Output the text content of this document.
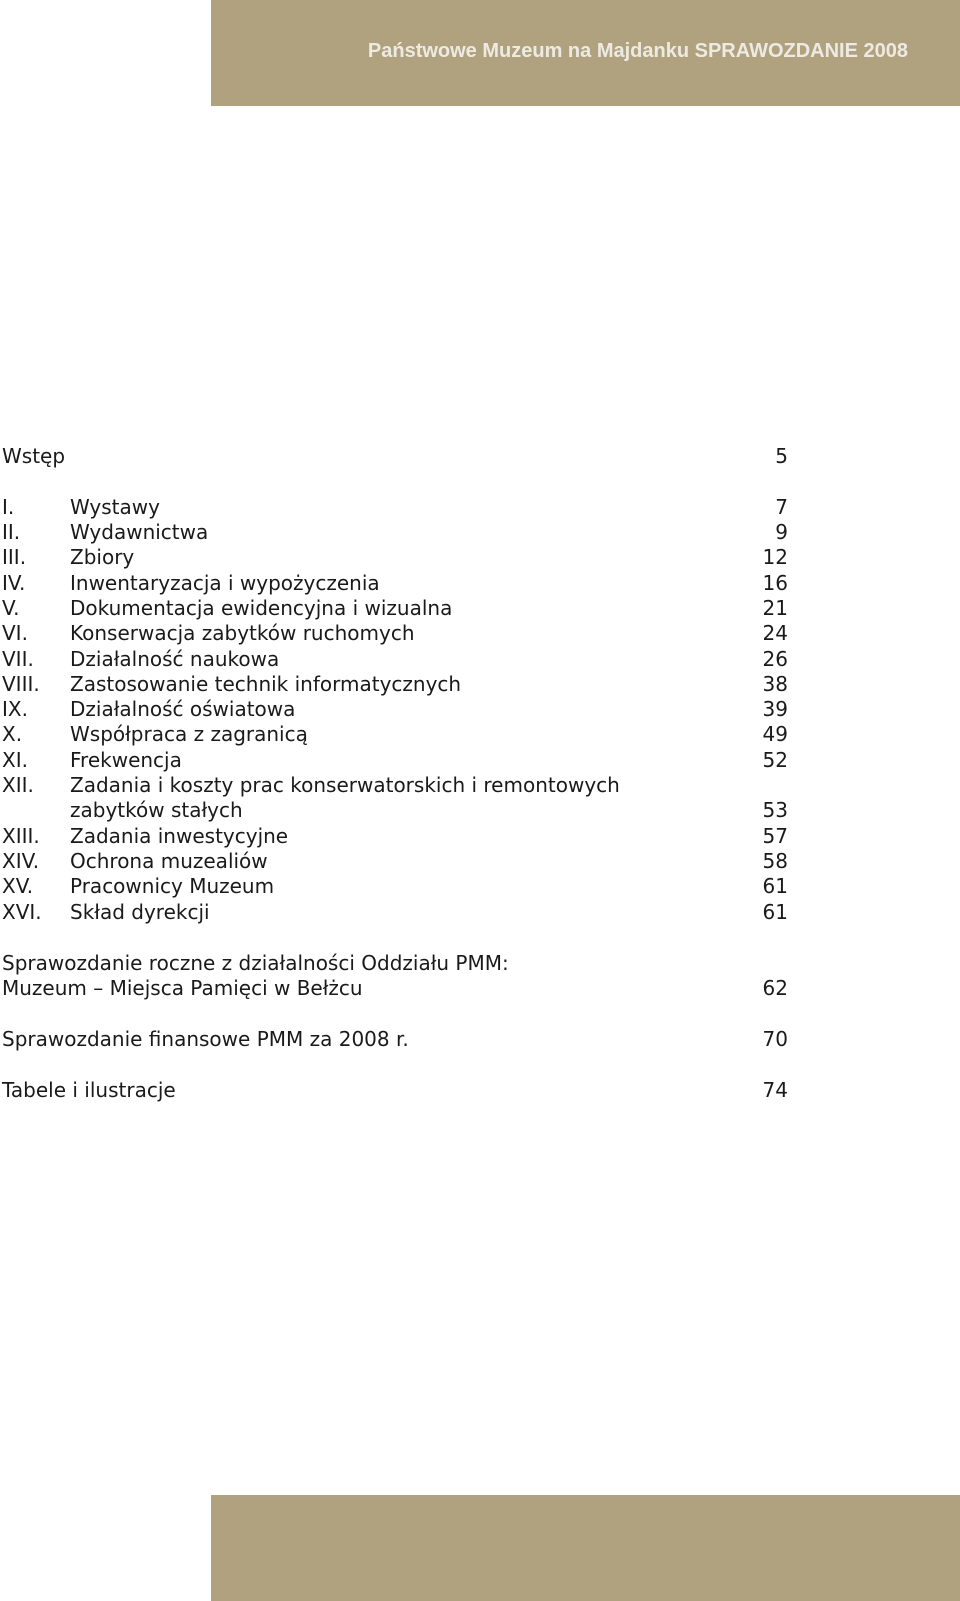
Państwowe Muzeum na Majdanku SPRAWOZDANIE 2008
Wstęp	5
I.	Wystawy	7
II. Wydawnictwa	9
III. Zbiory	12
IV. Inwentaryzacja i wypożyczenia	16
V.	Dokumentacja ewidencyjna i wizualna	21
VI. Konserwacja zabytków ruchomych	24
VII. Działalność naukowa	26
VIII. Zastosowanie technik informatycznych	38
IX. Działalność oświatowa	39
X. Współpraca z zagranicą	49
XI. Frekwencja	52
XII. Zadania i koszty prac konserwatorskich i remontowych
zabytków stałych	53
XIII. Zadania inwestycyjne	57
XIV. Ochrona muzealiów	58
XV. Pracownicy Muzeum	61
XVI. Skład dyrekcji	61
Sprawozdanie roczne z działalności Oddziału PMM:
Muzeum – Miejsca Pamięci w Bełżcu	62
Sprawozdanie finansowe PMM za 2008 r.	70
Tabele i ilustracje	74
